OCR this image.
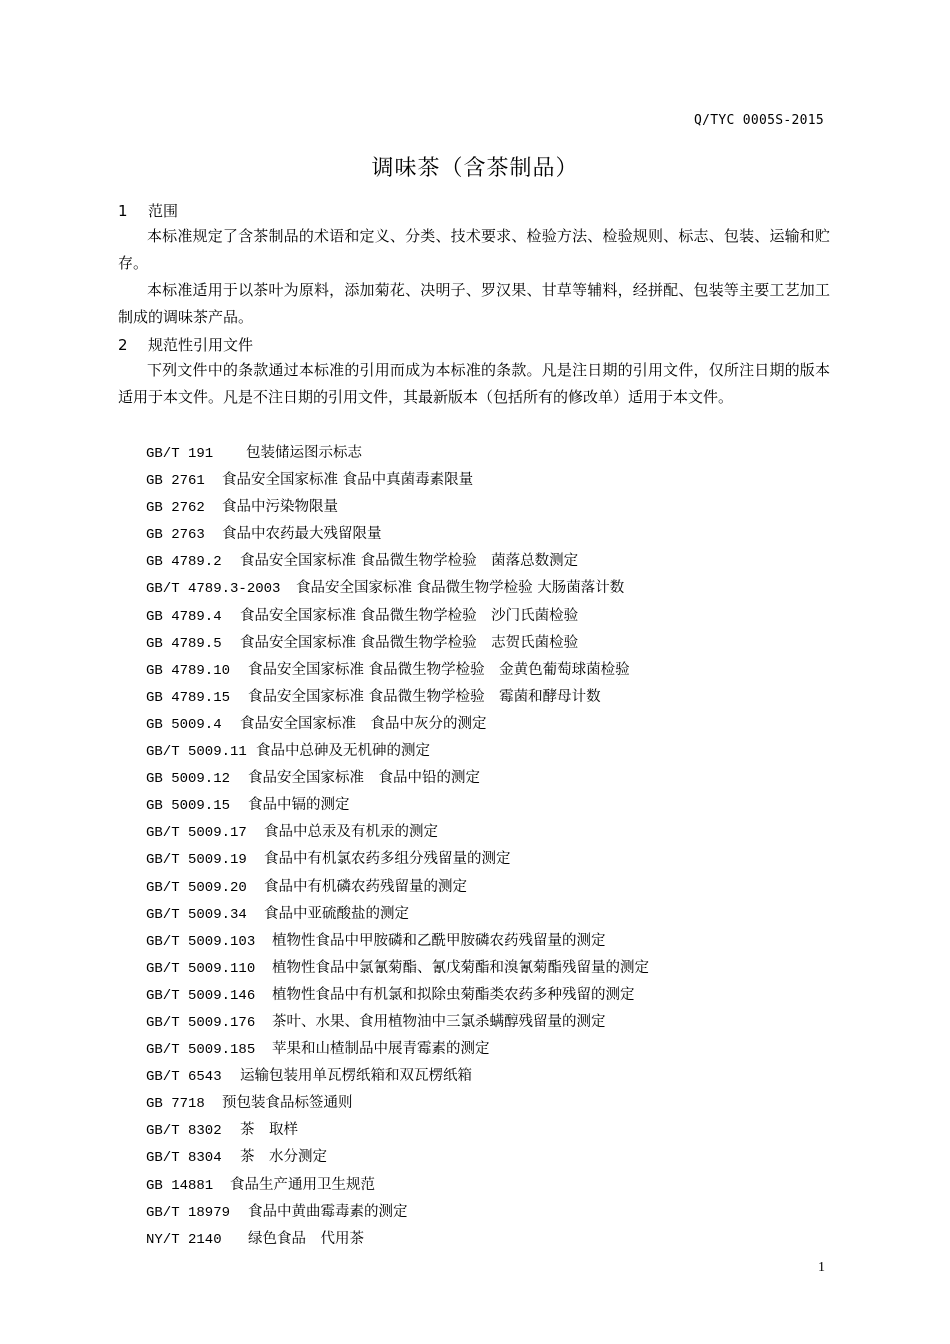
Q/TYC 0005S-2015
调味茶（含茶制品）
1 范围

本标准规定了含茶制品的术语和定义、分类、技术要求、检验方法、检验规则、标志、包装、运输和贮存。

本标准适用于以茶叶为原料，添加菊花、决明子、罗汉果、甘草等辅料，经拼配、包装等主要工艺加工制成的调味茶产品。

2 规范性引用文件

下列文件中的条款通过本标准的引用而成为本标准的条款。凡是注日期的引用文件，仅所注日期的版本适用于本文件。凡是不注日期的引用文件，其最新版本（包括所有的修改单）适用于本文件。

GB/T 191 包装储运图示标志
GB 2761 食品安全国家标准 食品中真菌毒素限量
GB 2762 食品中污染物限量
GB 2763 食品中农药最大残留限量
GB 4789.2 食品安全国家标准 食品微生物学检验　菌落总数测定
GB/T 4789.3-2003 食品安全国家标准 食品微生物学检验 大肠菌落计数
GB 4789.4 食品安全国家标准 食品微生物学检验　沙门氏菌检验
GB 4789.5 食品安全国家标准 食品微生物学检验　志贺氏菌检验
GB 4789.10 食品安全国家标准 食品微生物学检验　金黄色葡萄球菌检验
GB 4789.15 食品安全国家标准 食品微生物学检验　霉菌和酵母计数
GB 5009.4 食品安全国家标准　食品中灰分的测定
GB/T 5009.11 食品中总砷及无机砷的测定
GB 5009.12 食品安全国家标准　食品中铅的测定
GB 5009.15 食品中镉的测定
GB/T 5009.17 食品中总汞及有机汞的测定
GB/T 5009.19 食品中有机氯农药多组分残留量的测定
GB/T 5009.20 食品中有机磷农药残留量的测定
GB/T 5009.34 食品中亚硫酸盐的测定
GB/T 5009.103 植物性食品中甲胺磷和乙酰甲胺磷农药残留量的测定
GB/T 5009.110 植物性食品中氯氰菊酯、氰戊菊酯和溴氰菊酯残留量的测定
GB/T 5009.146 植物性食品中有机氯和拟除虫菊酯类农药多种残留的测定
GB/T 5009.176 茶叶、水果、食用植物油中三氯杀螨醇残留量的测定
GB/T 5009.185 苹果和山楂制品中展青霉素的测定
GB/T 6543 运输包装用单瓦楞纸箱和双瓦楞纸箱
GB 7718 预包装食品标签通则
GB/T 8302 茶　取样
GB/T 8304 茶　水分测定
GB 14881 食品生产通用卫生规范
GB/T 18979 食品中黄曲霉毒素的测定
NY/T 2140 绿色食品　代用茶
1
